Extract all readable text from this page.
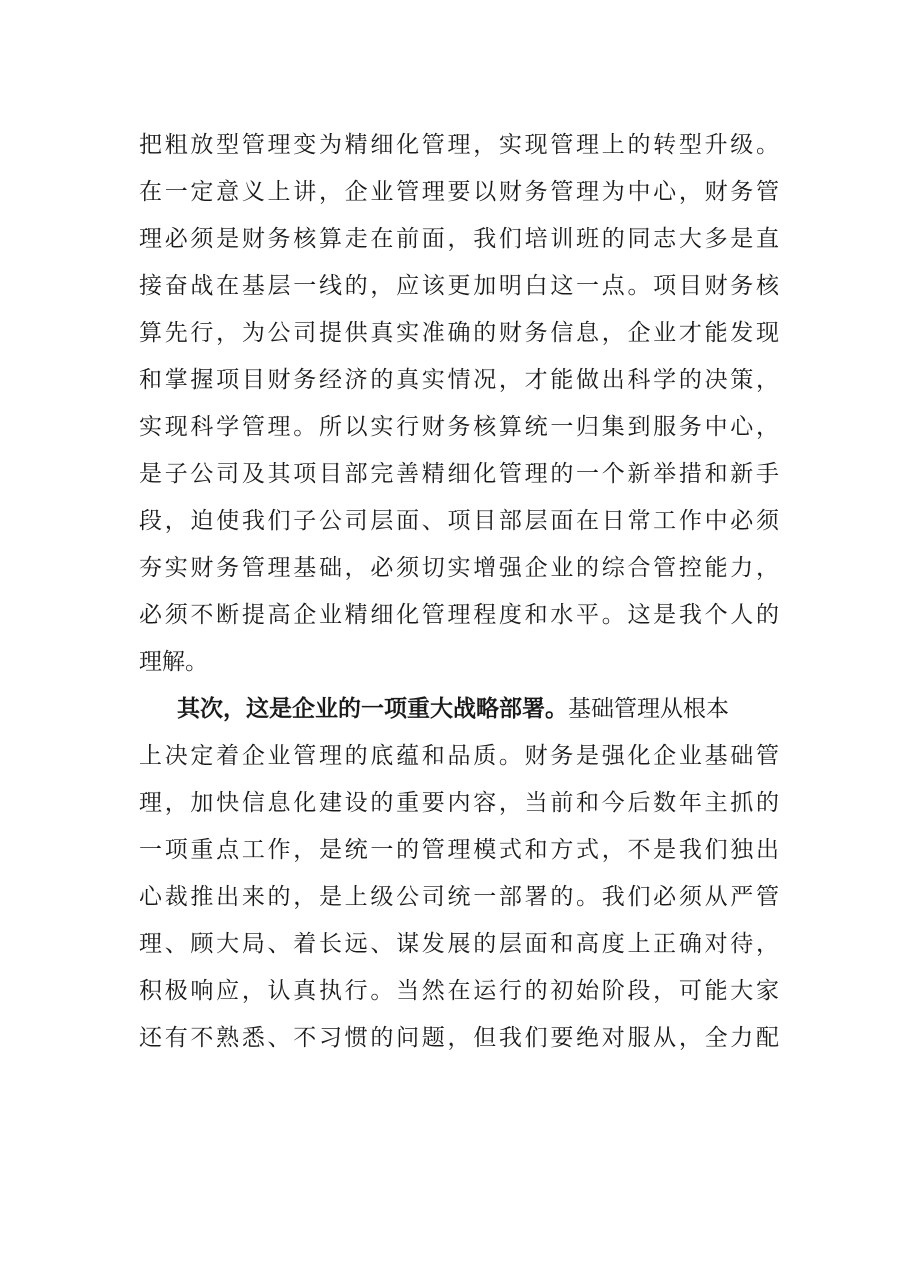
把粗放型管理变为精细化管理，实现管理上的转型升级。
在一定意义上讲，企业管理要以财务管理为中心，财务管
理必须是财务核算走在前面，我们培训班的同志大多是直
接奋战在基层一线的，应该更加明白这一点。项目财务核
算先行，为公司提供真实准确的财务信息，企业才能发现
和掌握项目财务经济的真实情况，才能做出科学的决策，
实现科学管理。所以实行财务核算统一归集到服务中心，
是子公司及其项目部完善精细化管理的一个新举措和新手
段，迫使我们子公司层面、项目部层面在日常工作中必须
夯实财务管理基础，必须切实增强企业的综合管控能力，
必须不断提高企业精细化管理程度和水平。这是我个人的
理解。
其次，这是企业的一项重大战略部署。基础管理从根本
上决定着企业管理的底蕴和品质。财务是强化企业基础管
理，加快信息化建设的重要内容，当前和今后数年主抓的
一项重点工作，是统一的管理模式和方式，不是我们独出
心裁推出来的，是上级公司统一部署的。我们必须从严管
理、顾大局、着长远、谋发展的层面和高度上正确对待，
积极响应，认真执行。当然在运行的初始阶段，可能大家
还有不熟悉、不习惯的问题，但我们要绝对服从，全力配
